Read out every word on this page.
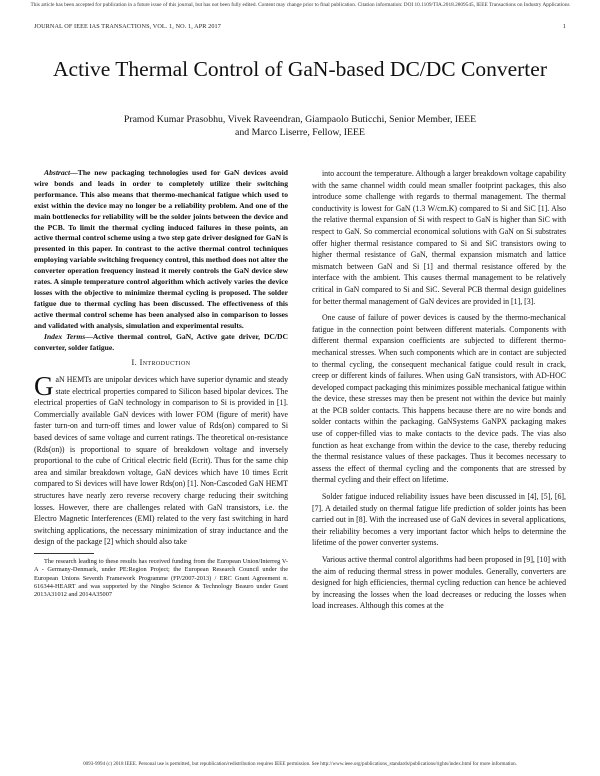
This article has been accepted for publication in a future issue of this journal, but has not been fully edited. Content may change prior to final publication. Citation information: DOI 10.1109/TIA.2018.2809545, IEEE Transactions on Industry Applications
JOURNAL OF IEEE IAS TRANSACTIONS, VOL. 1, NO. 1, APR 2017	1
Active Thermal Control of GaN-based DC/DC Converter
Pramod Kumar Prasobhu, Vivek Raveendran, Giampaolo Buticchi, Senior Member, IEEE
and Marco Liserre, Fellow, IEEE

Abstract—The new packaging technologies used for GaN devices avoid wire bonds and leads in order to completely utilize their switching performance. This also means that thermo-mechanical fatigue which used to exist within the device may no longer be a reliability problem. And one of the main bottlenecks for reliability will be the solder joints between the device and the PCB. To limit the thermal cycling induced failures in these points, an active thermal control scheme using a two step gate driver designed for GaN is presented in this paper. In contrast to the active thermal control techniques employing variable switching frequency control, this method does not alter the converter operation frequency instead it merely controls the GaN device slew rates. A simple temperature control algorithm which actively varies the device losses with the objective to minimize thermal cycling is proposed. The solder fatigue due to thermal cycling has been discussed. The effectiveness of this active thermal control scheme has been analysed also in comparison to losses and validated with analysis, simulation and experimental results.

Index Terms—Active thermal control, GaN, Active gate driver, DC/DC converter, solder fatigue.

I. Introduction

GaN HEMTs are unipolar devices which have superior dynamic and steady state electrical properties compared to Silicon based bipolar devices. The electrical properties of GaN technology in comparison to Si is provided in [1]. Commercially available GaN devices with lower FOM (figure of merit) have faster turn-on and turn-off times and lower value of Rds(on) compared to Si based devices of same voltage and current ratings. The theoretical on-resistance (Rds(on)) is proportional to square of breakdown voltage and inversely proportional to the cube of Critical electric field (Ecrit). Thus for the same chip area and similar breakdown voltage, GaN devices which have 10 times Ecrit compared to Si devices will have lower Rds(on) [1]. Non-Cascoded GaN HEMT structures have nearly zero reverse recovery charge reducing their switching losses. However, there are challenges related with GaN transistors, i.e. the Electro Magnetic Interferences (EMI) related to the very fast switching in hard switching applications, the necessary minimization of stray inductance and the design of the package [2] which should also take

The research leading to these results has received funding from the European Union/Interreg V-A - Germany-Denmark, under PE:Region Project; the European Research Council under the European Unions Seventh Framework Programme (FP/2007-2013) / ERC Grant Agreement n. 616344-HEART and was supported by the Ningbo Science & Technology Beauro under Grant 2013A31012 and 2014A35007

into account the temperature. Although a larger breakdown voltage capability with the same channel width could mean smaller footprint packages, this also introduce some challenge with regards to thermal management. The thermal conductivity is lowest for GaN (1.3 W/cm.K) compared to Si and SiC [1]. Also the relative thermal expansion of Si with respect to GaN is higher than SiC with respect to GaN. So commercial economical solutions with GaN on Si substrates offer higher thermal resistance compared to Si and SiC transistors owing to higher thermal resistance of GaN, thermal expansion mismatch and lattice mismatch between GaN and Si [1] and thermal resistance offered by the interface with the ambient. This causes thermal management to be relatively critical in GaN compared to Si and SiC. Several PCB thermal design guidelines for better thermal management of GaN devices are provided in [1], [3].

One cause of failure of power devices is caused by the thermo-mechanical fatigue in the connection point between different materials. Components with different thermal expansion coefficients are subjected to different thermo-mechanical stresses. When such components which are in contact are subjected to thermal cycling, the consequent mechanical fatigue could result in crack, creep or different kinds of failures. When using GaN transistors, with AD-HOC developed compact packaging this minimizes possible mechanical fatigue within the device, these stresses may then be present not within the device but mainly at the PCB solder contacts. This happens because there are no wire bonds and solder contacts within the packaging. GaNSystems GaNPX packaging makes use of copper-filled vias to make contacts to the device pads. The vias also function as heat exchange from within the device to the case, thereby reducing the thermal resistance values of these packages. Thus it becomes necessary to assess the effect of thermal cycling and the components that are stressed by thermal cycling and their effect on lifetime.

Solder fatigue induced reliability issues have been discussed in [4], [5], [6], [7]. A detailed study on thermal fatigue life prediction of solder joints has been carried out in [8]. With the increased use of GaN devices in several applications, their reliability becomes a very important factor which helps to determine the lifetime of the power converter systems.

Various active thermal control algorithms had been proposed in [9], [10] with the aim of reducing thermal stress in power modules. Generally, converters are designed for high efficiencies, thermal cycling reduction can hence be achieved by increasing the losses when the load decreases or reducing the losses when load increases. Although this comes at the

0093-9994 (c) 2018 IEEE. Personal use is permitted, but republication/redistribution requires IEEE permission. See http://www.ieee.org/publications_standards/publications/rights/index.html for more information.
